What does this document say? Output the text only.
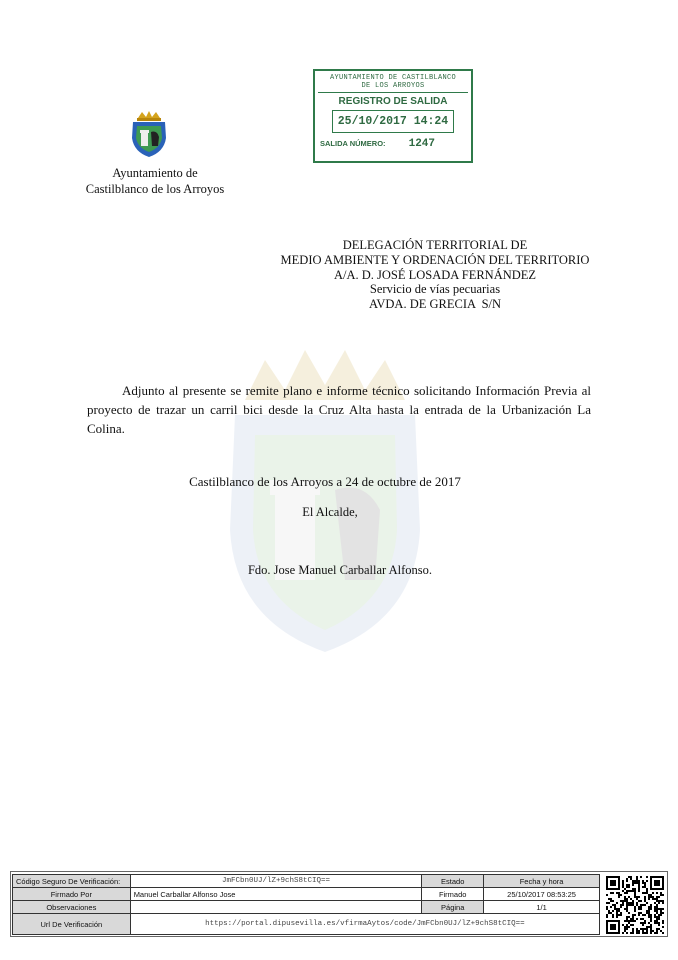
Ayuntamiento de
Castilblanco de los Arroyos
AYUNTAMIENTO DE CASTILBLANCO
DE LOS ARROYOS
REGISTRO DE SALIDA
25/10/2017 14:24
SALIDA NÚMERO: 1247
DELEGACIÓN TERRITORIAL DE
MEDIO AMBIENTE Y ORDENACIÓN DEL TERRITORIO
A/A. D. JOSÉ LOSADA FERNÁNDEZ
Servicio de vías pecuarias
AVDA. DE GRECIA  S/N
Adjunto al presente se remite plano e informe técnico solicitando Información Previa al proyecto de trazar un carril bici desde la Cruz Alta hasta la entrada de la Urbanización La Colina.
Castilblanco de los Arroyos a 24 de octubre de 2017
El Alcalde,
Fdo. Jose Manuel Carballar Alfonso.
Código Seguro De Verificación:	JmFCbn0UJ/lZ+9chS8tCIQ==	Estado	Fecha y hora
Firmado Por	Manuel Carballar Alfonso Jose	Firmado	25/10/2017 08:53:25
Observaciones		Página	1/1
Url De Verificación	https://portal.dipusevilla.es/vfirmaAytos/code/JmFCbn0UJ/lZ+9chS8tCIQ==		
